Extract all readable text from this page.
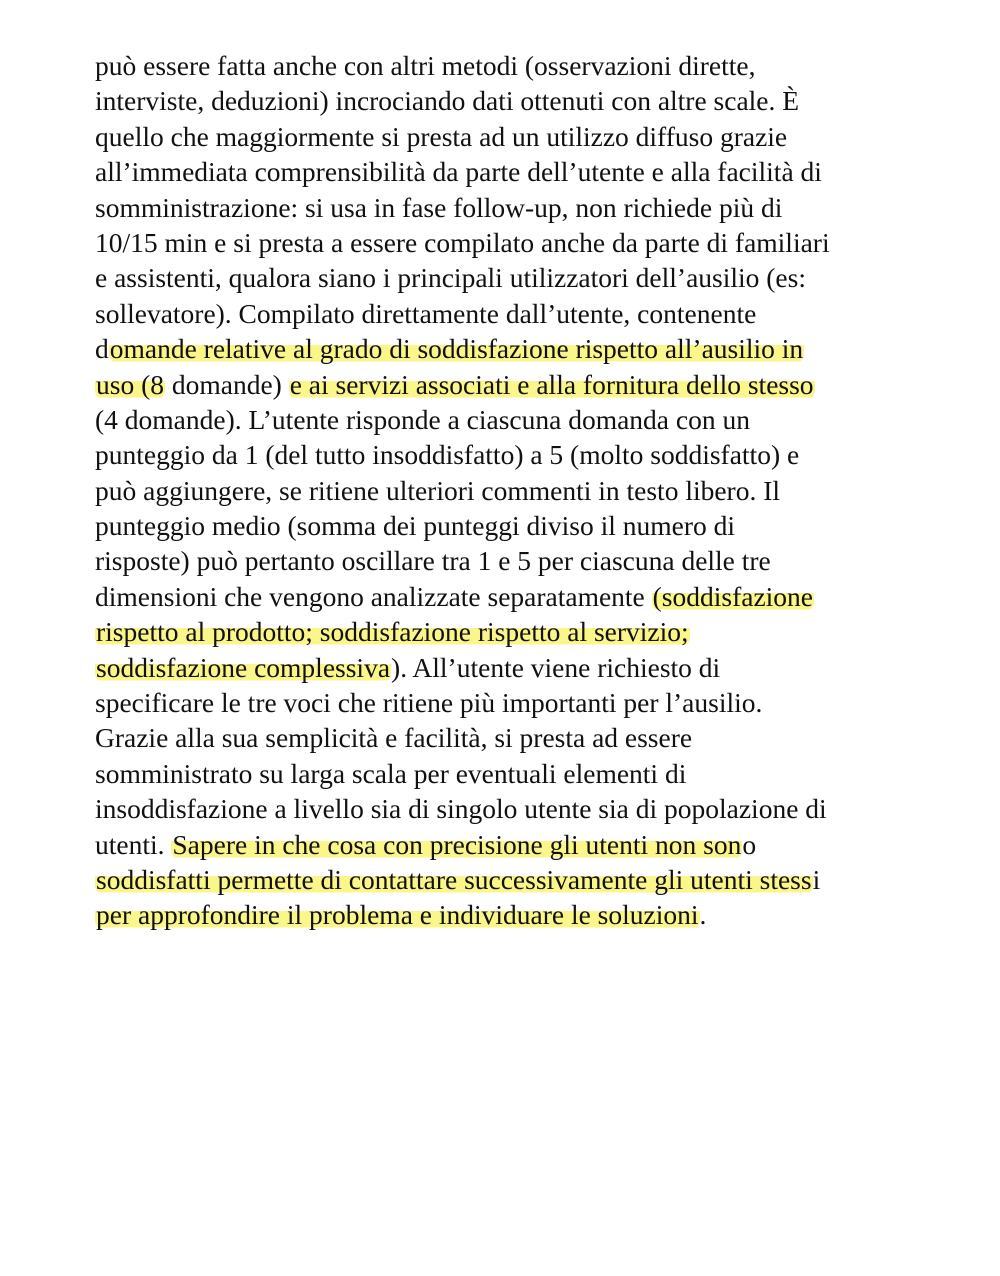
può essere fatta anche con altri metodi (osservazioni dirette,
interviste, deduzioni) incrociando dati ottenuti con altre scale. È
quello che maggiormente si presta ad un utilizzo diffuso grazie
all’immediata comprensibilità da parte dell’utente e alla facilità di
somministrazione: si usa in fase follow-up, non richiede più di
10/15 min e si presta a essere compilato anche da parte di familiari
e assistenti, qualora siano i principali utilizzatori dell’ausilio (es:
sollevatore). Compilato direttamente dall’utente, contenente
domande relative al grado di soddisfazione rispetto all’ausilio in
uso (8 domande) e ai servizi associati e alla fornitura dello stesso
(4 domande). L’utente risponde a ciascuna domanda con un
punteggio da 1 (del tutto insoddisfatto) a 5 (molto soddisfatto) e
può aggiungere, se ritiene ulteriori commenti in testo libero. Il
punteggio medio (somma dei punteggi diviso il numero di
risposte) può pertanto oscillare tra 1 e 5 per ciascuna delle tre
dimensioni che vengono analizzate separatamente (soddisfazione
rispetto al prodotto; soddisfazione rispetto al servizio;
soddisfazione complessiva). All’utente viene richiesto di
specificare le tre voci che ritiene più importanti per l’ausilio.
Grazie alla sua semplicità e facilità, si presta ad essere
somministrato su larga scala per eventuali elementi di
insoddisfazione a livello sia di singolo utente sia di popolazione di
utenti. Sapere in che cosa con precisione gli utenti non sono
soddisfatti permette di contattare successivamente gli utenti stessi
per approfondire il problema e individuare le soluzioni.
